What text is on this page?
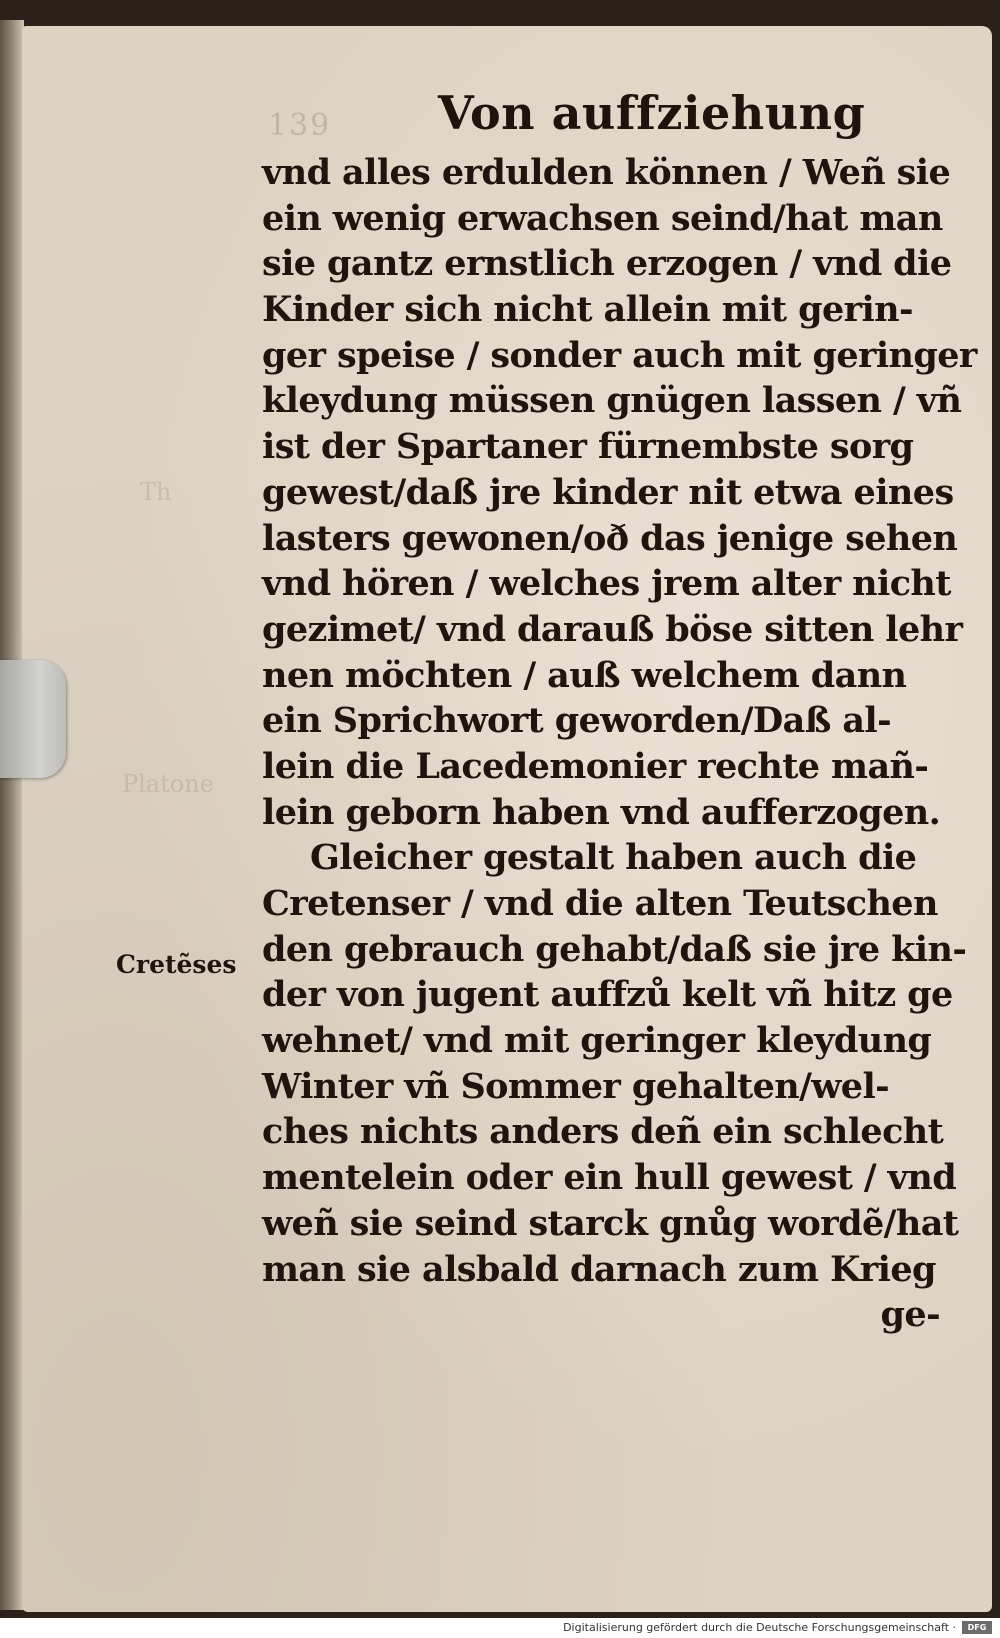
139
Th
Platone
Von auffziehung
vnd alles erdulden können / Weñ sie
ein wenig erwachsen seind/hat man
sie gantz ernstlich erzogen / vnd die
Kinder sich nicht allein mit gerin-
ger speise / sonder auch mit geringer
kleydung müssen gnügen lassen / vñ
ist der Spartaner fürnembste sorg
gewest/daß jre kinder nit etwa eines
lasters gewonen/oð das jenige sehen
vnd hören / welches jrem alter nicht
gezimet/ vnd darauß böse sitten lehr
nen möchten / auß welchem dann
ein Sprichwort geworden/Daß al-
lein die Lacedemonier rechte mañ-
lein geborn haben vnd aufferzogen.
Gleicher gestalt haben auch die
Cretenser / vnd die alten Teutschen
den gebrauch gehabt/daß sie jre kin-
der von jugent auffzů kelt vñ hitz ge
wehnet/ vnd mit geringer kleydung
Winter vñ Sommer gehalten/wel-
ches nichts anders deñ ein schlecht
mentelein oder ein hull gewest / vnd
weñ sie seind starck gnůg wordẽ/hat
man sie alsbald darnach zum Krieg
ge-
Cretẽses
Digitalisierung gefördert durch die Deutsche Forschungsgemeinschaft ·	DFG
